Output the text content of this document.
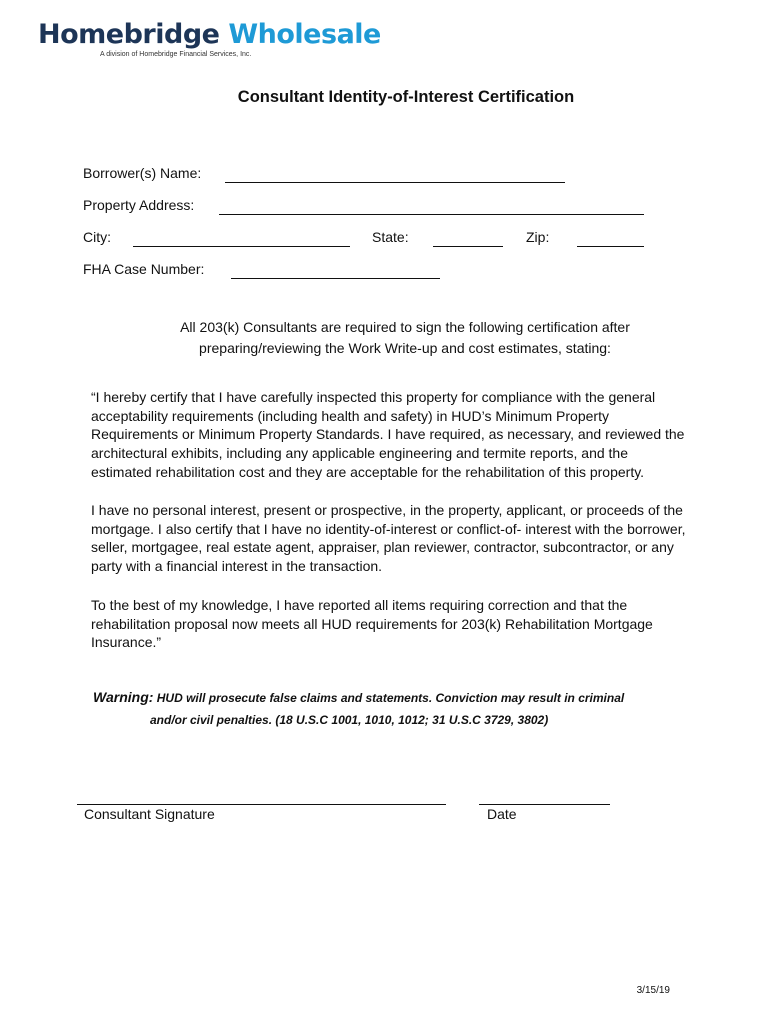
Homebridge Wholesale
A division of Homebridge Financial Services, Inc.
Consultant Identity-of-Interest Certification
Borrower(s) Name:
Property Address:
City:	State:	Zip:
FHA Case Number:
All 203(k) Consultants are required to sign the following certification after preparing/reviewing the Work Write-up and cost estimates, stating:
“I hereby certify that I have carefully inspected this property for compliance with the general acceptability requirements (including health and safety) in HUD’s Minimum Property Requirements or Minimum Property Standards. I have required, as necessary, and reviewed the architectural exhibits, including any applicable engineering and termite reports, and the estimated rehabilitation cost and they are acceptable for the rehabilitation of this property.
I have no personal interest, present or prospective, in the property, applicant, or proceeds of the mortgage. I also certify that I have no identity-of-interest or conflict-of- interest with the borrower, seller, mortgagee, real estate agent, appraiser, plan reviewer, contractor, subcontractor, or any party with a financial interest in the transaction.
To the best of my knowledge, I have reported all items requiring correction and that the rehabilitation proposal now meets all HUD requirements for 203(k) Rehabilitation Mortgage Insurance.”
Warning: HUD will prosecute false claims and statements. Conviction may result in criminal
and/or civil penalties. (18 U.S.C 1001, 1010, 1012; 31 U.S.C 3729, 3802)
Consultant Signature	Date
3/15/19
